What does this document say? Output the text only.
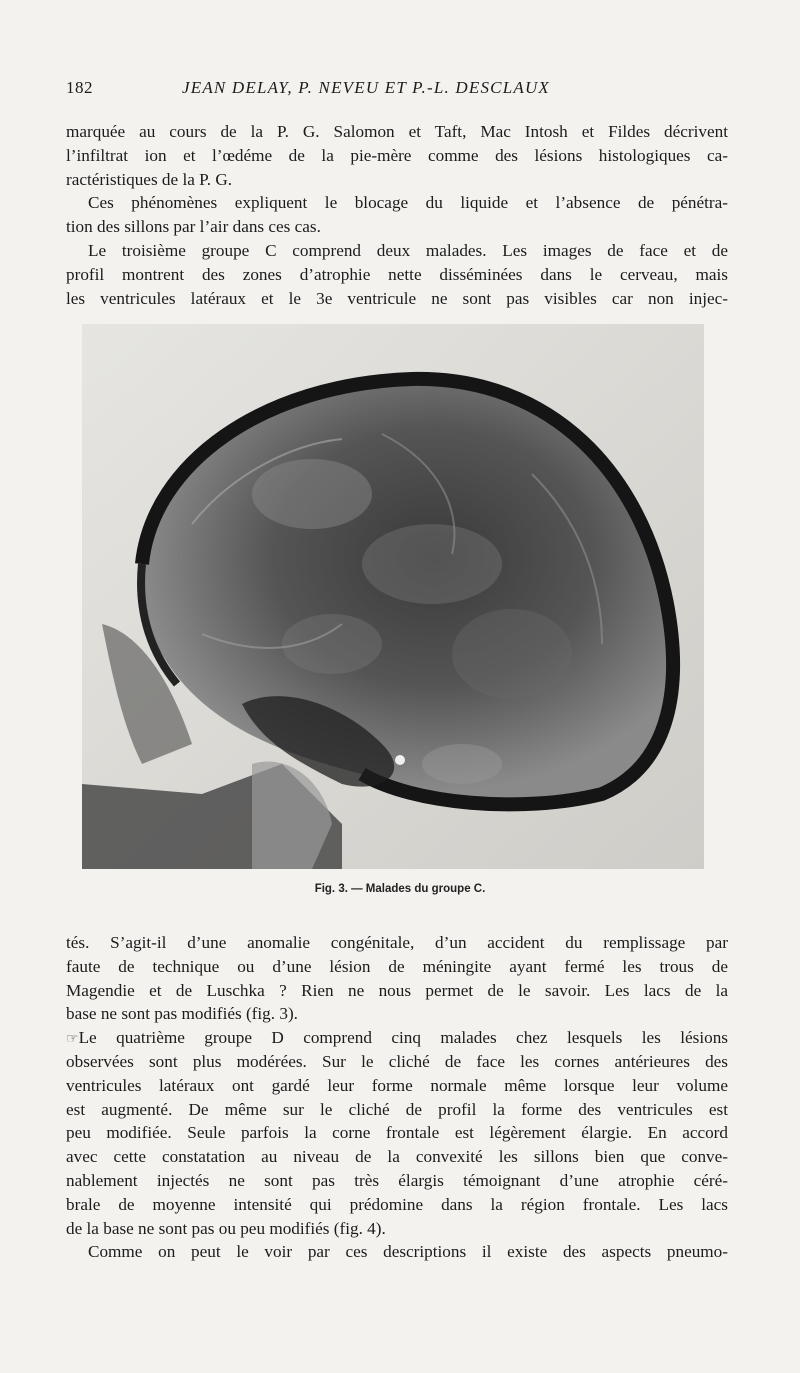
182	JEAN DELAY, P. NEVEU ET P.-L. DESCLAUX
marquée au cours de la P. G. Salomon et Taft, Mac Intosh et Fildes décrivent
l’infiltrat ion et l’œdéme de la pie-mère comme des lésions histologiques ca-
ractéristiques de la P. G.
Ces phénomènes expliquent le blocage du liquide et l’absence de pénétra-
tion des sillons par l’air dans ces cas.
Le troisième groupe C comprend deux malades. Les images de face et de
profil montrent des zones d’atrophie nette disséminées dans le cerveau, mais
les ventricules latéraux et le 3e ventricule ne sont pas visibles car non injec-
Fig. 3. — Malades du groupe C.
tés. S’agit-il d’une anomalie congénitale, d’un accident du remplissage par
faute de technique ou d’une lésion de méningite ayant fermé les trous de
Magendie et de Luschka ? Rien ne nous permet de le savoir. Les lacs de la
base ne sont pas modifiés (fig. 3).
☞Le quatrième groupe D comprend cinq malades chez lesquels les lésions
observées sont plus modérées. Sur le cliché de face les cornes antérieures des
ventricules latéraux ont gardé leur forme normale même lorsque leur volume
est augmenté. De même sur le cliché de profil la forme des ventricules est
peu modifiée. Seule parfois la corne frontale est légèrement élargie. En accord
avec cette constatation au niveau de la convexité les sillons bien que conve-
nablement injectés ne sont pas très élargis témoignant d’une atrophie céré-
brale de moyenne intensité qui prédomine dans la région frontale. Les lacs
de la base ne sont pas ou peu modifiés (fig. 4).
Comme on peut le voir par ces descriptions il existe des aspects pneumo-
